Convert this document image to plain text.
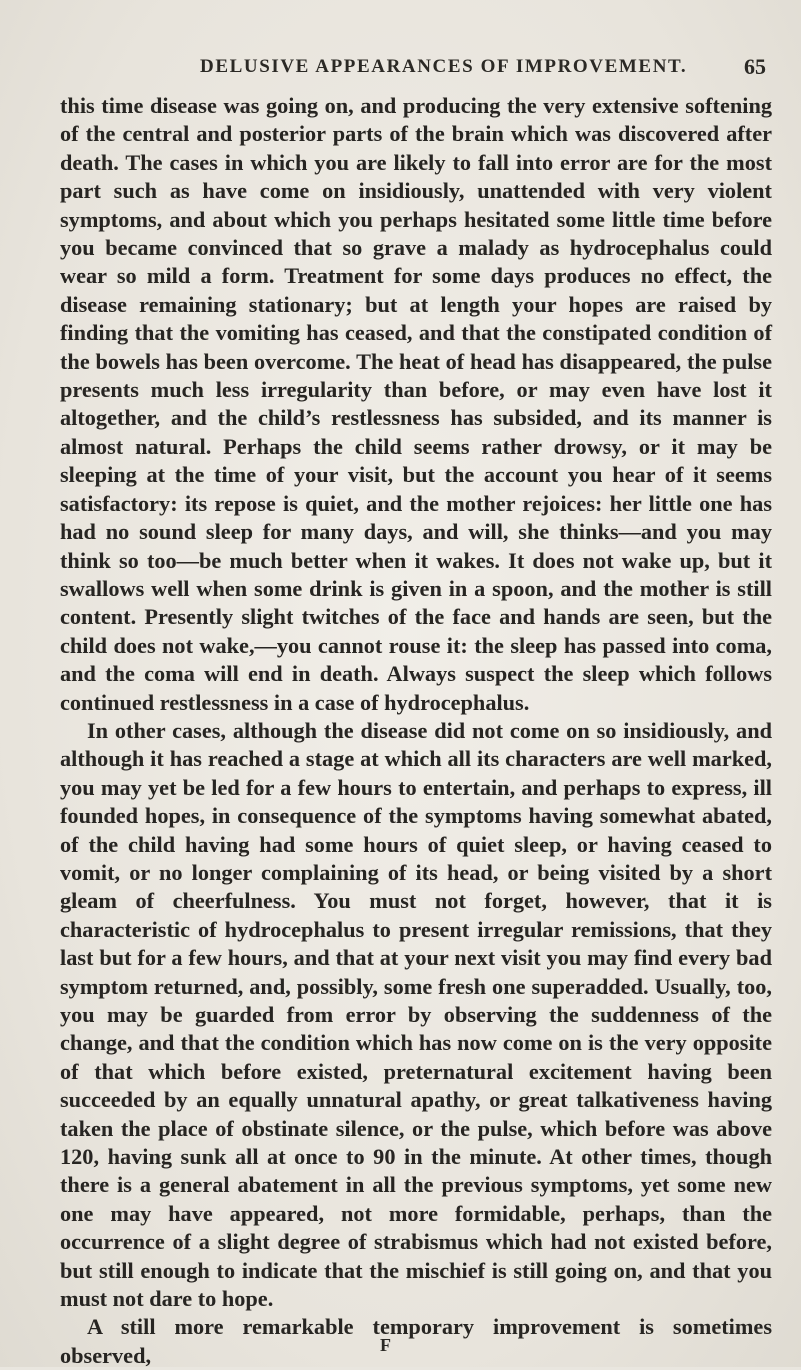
DELUSIVE APPEARANCES OF IMPROVEMENT.	65

this time disease was going on, and producing the very extensive softening of the central and posterior parts of the brain which was discovered after death. The cases in which you are likely to fall into error are for the most part such as have come on insidiously, unattended with very violent symptoms, and about which you perhaps hesitated some little time before you became convinced that so grave a malady as hydrocephalus could wear so mild a form. Treatment for some days produces no effect, the disease remaining stationary; but at length your hopes are raised by finding that the vomiting has ceased, and that the constipated condition of the bowels has been overcome. The heat of head has disappeared, the pulse presents much less irregularity than before, or may even have lost it altogether, and the child’s restlessness has subsided, and its manner is almost natural. Perhaps the child seems rather drowsy, or it may be sleeping at the time of your visit, but the account you hear of it seems satisfactory: its repose is quiet, and the mother rejoices: her little one has had no sound sleep for many days, and will, she thinks—and you may think so too—be much better when it wakes. It does not wake up, but it swallows well when some drink is given in a spoon, and the mother is still content. Presently slight twitches of the face and hands are seen, but the child does not wake,—you cannot rouse it: the sleep has passed into coma, and the coma will end in death. Always suspect the sleep which follows continued restlessness in a case of hydrocephalus.

In other cases, although the disease did not come on so insidiously, and although it has reached a stage at which all its characters are well marked, you may yet be led for a few hours to entertain, and perhaps to express, ill founded hopes, in consequence of the symptoms having somewhat abated, of the child having had some hours of quiet sleep, or having ceased to vomit, or no longer complaining of its head, or being visited by a short gleam of cheerfulness. You must not forget, however, that it is characteristic of hydrocephalus to present irregular remissions, that they last but for a few hours, and that at your next visit you may find every bad symptom returned, and, possibly, some fresh one superadded. Usually, too, you may be guarded from error by observing the suddenness of the change, and that the condition which has now come on is the very opposite of that which before existed, preternatural excitement having been succeeded by an equally unnatural apathy, or great talkativeness having taken the place of obstinate silence, or the pulse, which before was above 120, having sunk all at once to 90 in the minute. At other times, though there is a general abatement in all the previous symptoms, yet some new one may have appeared, not more formidable, perhaps, than the occurrence of a slight degree of strabismus which had not existed before, but still enough to indicate that the mischief is still going on, and that you must not dare to hope.

A still more remarkable temporary improvement is sometimes observed,	F
